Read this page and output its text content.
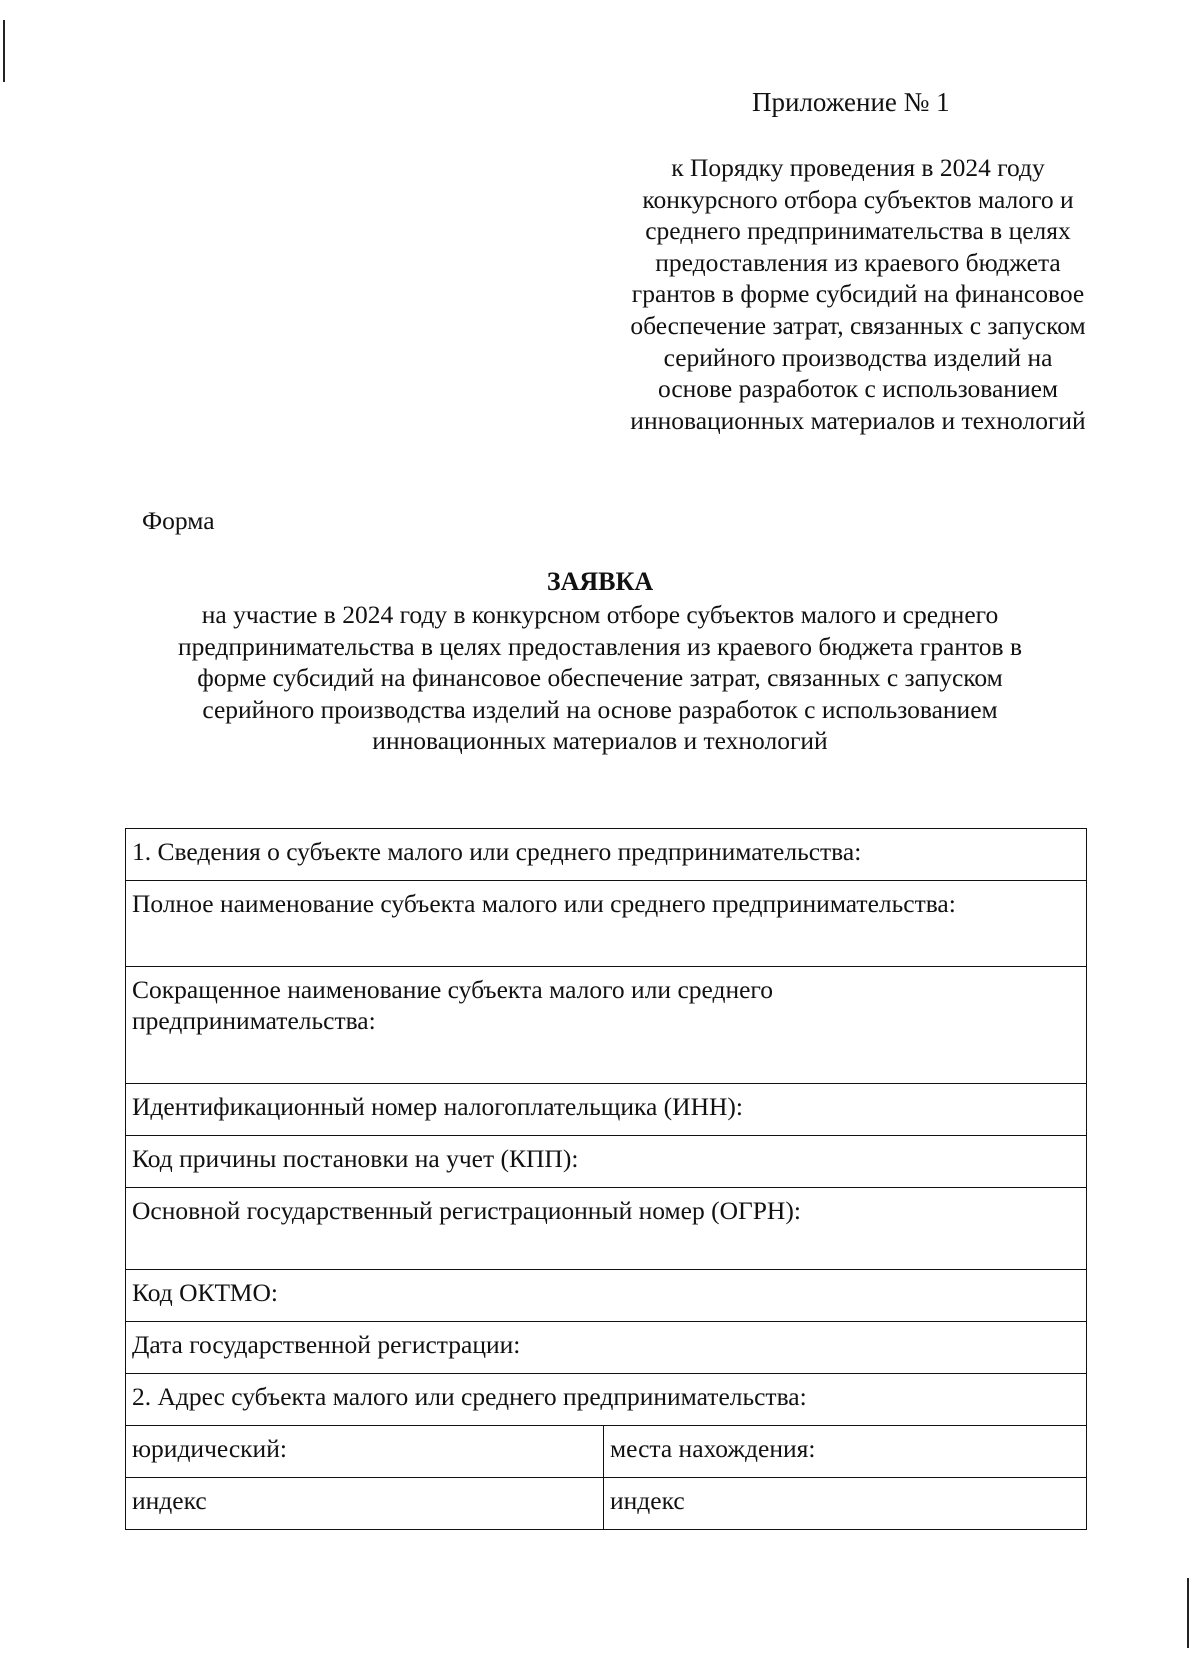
Приложение № 1
к Порядку проведения в 2024 году
конкурсного отбора субъектов малого и
среднего предпринимательства в целях
предоставления из краевого бюджета
грантов в форме субсидий на финансовое
обеспечение затрат, связанных с запуском
серийного производства изделий на
основе разработок с использованием
инновационных материалов и технологий
Форма
ЗАЯВКА
на участие в 2024 году в конкурсном отборе субъектов малого и среднего
предпринимательства в целях предоставления из краевого бюджета грантов в
форме субсидий на финансовое обеспечение затрат, связанных с запуском
серийного производства изделий на основе разработок с использованием
инновационных материалов и технологий
1. Сведения о субъекте малого или среднего предпринимательства:	
Полное наименование субъекта малого или среднего предпринимательства:	

Сокращенное наименование субъекта малого или среднего
предпринимательства:	

Идентификационный номер налогоплательщика (ИНН):	
Код причины постановки на учет (КПП):	
Основной государственный регистрационный номер (ОГРН):	
Код ОКТМО:	
Дата государственной регистрации:	
2. Адрес субъекта малого или среднего предпринимательства:	
юридический:	места нахождения:
индекс	индекс
